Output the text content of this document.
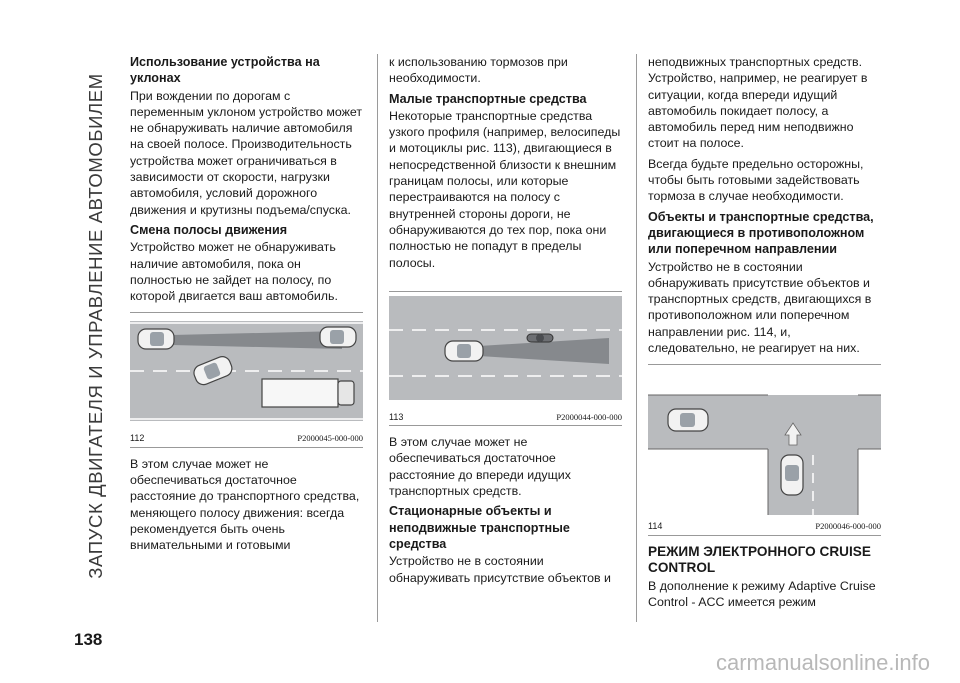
ЗАПУСК ДВИГАТЕЛЯ И УПРАВЛЕНИЕ АВТОМОБИЛЕМ
138
Использование устройства на уклонах

При вождении по дорогам с переменным уклоном устройство может не обнаруживать наличие автомобиля на своей полосе. Производительность устройства может ограничиваться в зависимости от скорости, нагрузки автомобиля, условий дорожного движения и крутизны подъема/спуска.

Смена полосы движения

Устройство может не обнаруживать наличие автомобиля, пока он полностью не зайдет на полосу, по которой двигается ваш автомобиль.

112	P2000045-000-000

В этом случае может не обеспечиваться достаточное расстояние до транспортного средства, меняющего полосу движения: всегда рекомендуется быть очень внимательными и готовыми

к использованию тормозов при необходимости.

Малые транспортные средства

Некоторые транспортные средства узкого профиля (например, велосипеды и мотоциклы рис. 113), двигающиеся в непосредственной близости к внешним границам полосы, или которые перестраиваются на полосу с внутренней стороны дороги, не обнаруживаются до тех пор, пока они полностью не попадут в пределы полосы.

113	P2000044-000-000

В этом случае может не обеспечиваться достаточное расстояние до впереди идущих транспортных средств.

Стационарные объекты и неподвижные транспортные средства

Устройство не в состоянии обнаруживать присутствие объектов и

неподвижных транспортных средств. Устройство, например, не реагирует в ситуации, когда впереди идущий автомобиль покидает полосу, а автомобиль перед ним неподвижно стоит на полосе.

Всегда будьте предельно осторожны, чтобы быть готовыми задействовать тормоза в случае необходимости.

Объекты и транспортные средства, двигающиеся в противоположном или поперечном направлении

Устройство не в состоянии обнаруживать присутствие объектов и транспортных средств, двигающихся в противоположном или поперечном направлении рис. 114, и, следовательно, не реагирует на них.

114	P2000046-000-000
РЕЖИМ ЭЛЕКТРОННОГО CRUISE CONTROL

В дополнение к режиму Adaptive Cruise Control - ACC имеется режим

carmanualsonline.info
